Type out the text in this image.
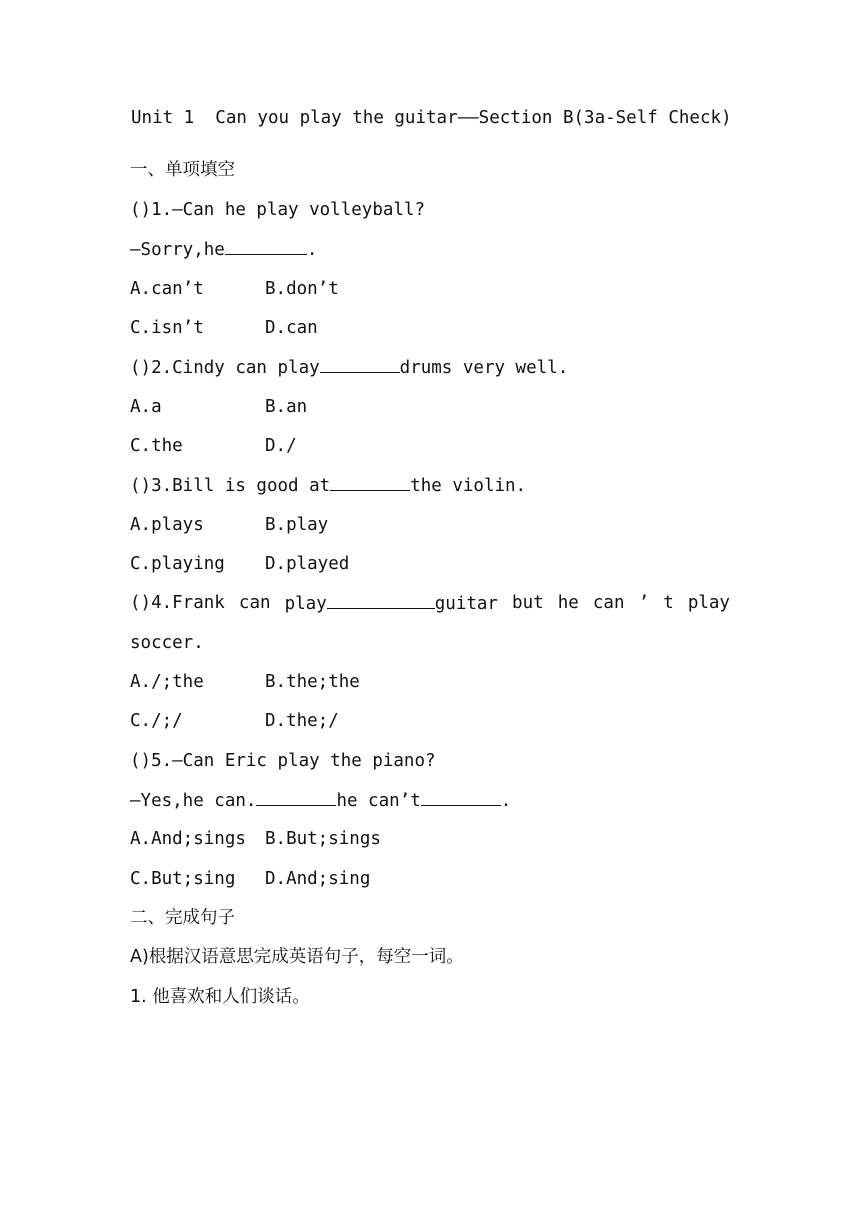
Unit 1  Can you play the guitar——Section B(3a-Self Check)
一、单项填空
()1.—Can he play volleyball?
—Sorry,he	.
A.can’t	B.don’t
C.isn’t	D.can
()2.Cindy can play	drums very well.
A.a	B.an
C.the	D./
()3.Bill is good at	the violin.
A.plays	B.play
C.playing D.played
()4.Frank can play	guitar but he can ’ t play
soccer.
A./;the	B.the;the
C./;/	D.the;/
()5.—Can Eric play the piano?
—Yes,he can.	he can’t	.
A.And;sings B.But;sings
C.But;sing D.And;sing
二、完成句子
A)根据汉语意思完成英语句子，每空一词。
1. 他喜欢和人们谈话。
